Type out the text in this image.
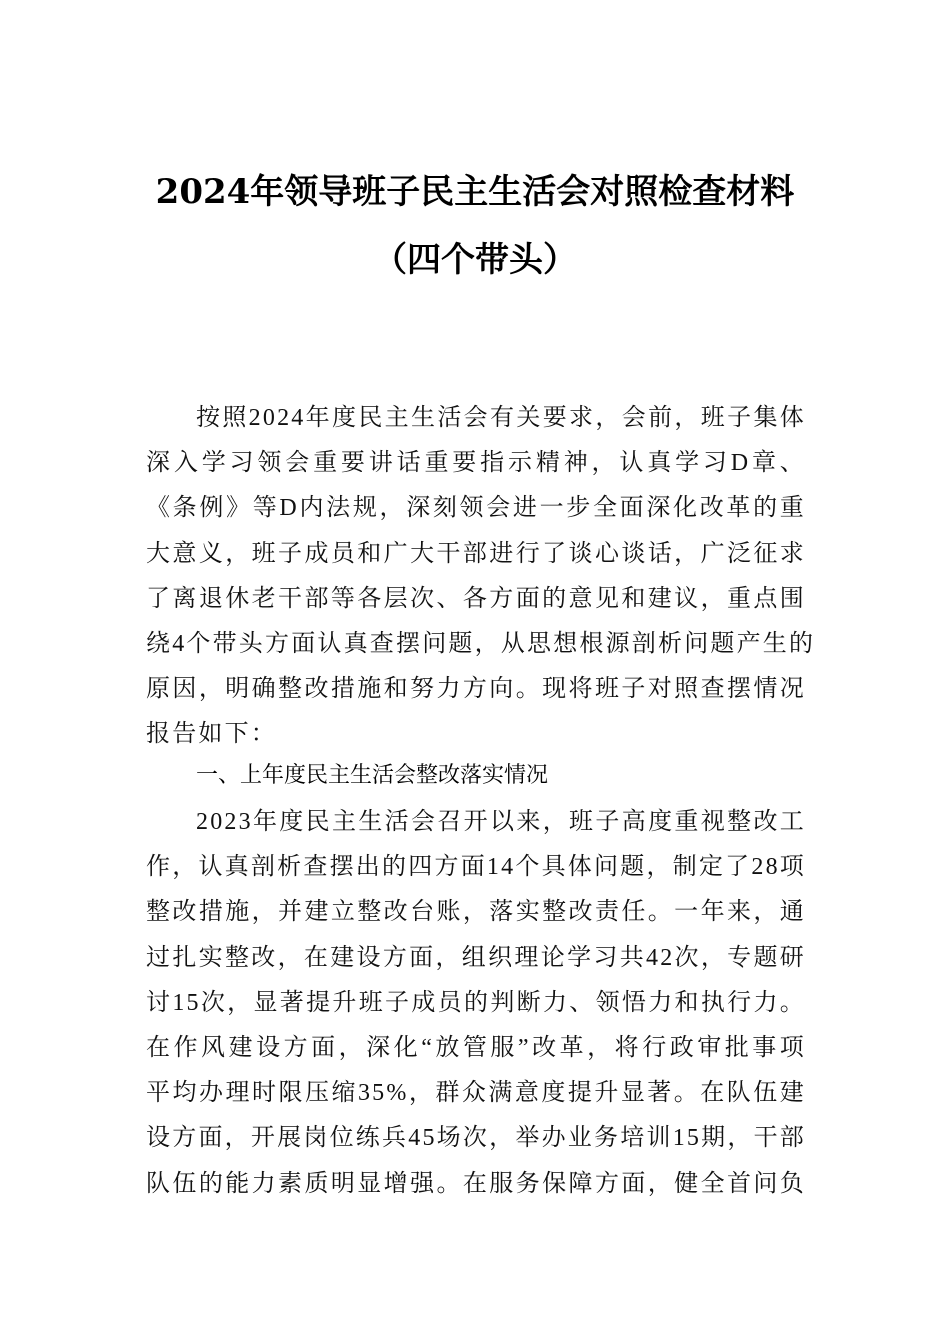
2024年领导班子民主生活会对照检查材料
（四个带头）
按照2024年度民主生活会有关要求，会前，班子集体
深入学习领会重要讲话重要指示精神，认真学习D章、
《条例》等D内法规，深刻领会进一步全面深化改革的重
大意义，班子成员和广大干部进行了谈心谈话，广泛征求
了离退休老干部等各层次、各方面的意见和建议，重点围
绕4个带头方面认真查摆问题，从思想根源剖析问题产生的
原因，明确整改措施和努力方向。现将班子对照查摆情况
报告如下：
一、上年度民主生活会整改落实情况
2023年度民主生活会召开以来，班子高度重视整改工
作，认真剖析查摆出的四方面14个具体问题，制定了28项
整改措施，并建立整改台账，落实整改责任。一年来，通
过扎实整改，在建设方面，组织理论学习共42次，专题研
讨15次，显著提升班子成员的判断力、领悟力和执行力。
在作风建设方面，深化“放管服”改革，将行政审批事项
平均办理时限压缩35%，群众满意度提升显著。在队伍建
设方面，开展岗位练兵45场次，举办业务培训15期，干部
队伍的能力素质明显增强。在服务保障方面，健全首问负
